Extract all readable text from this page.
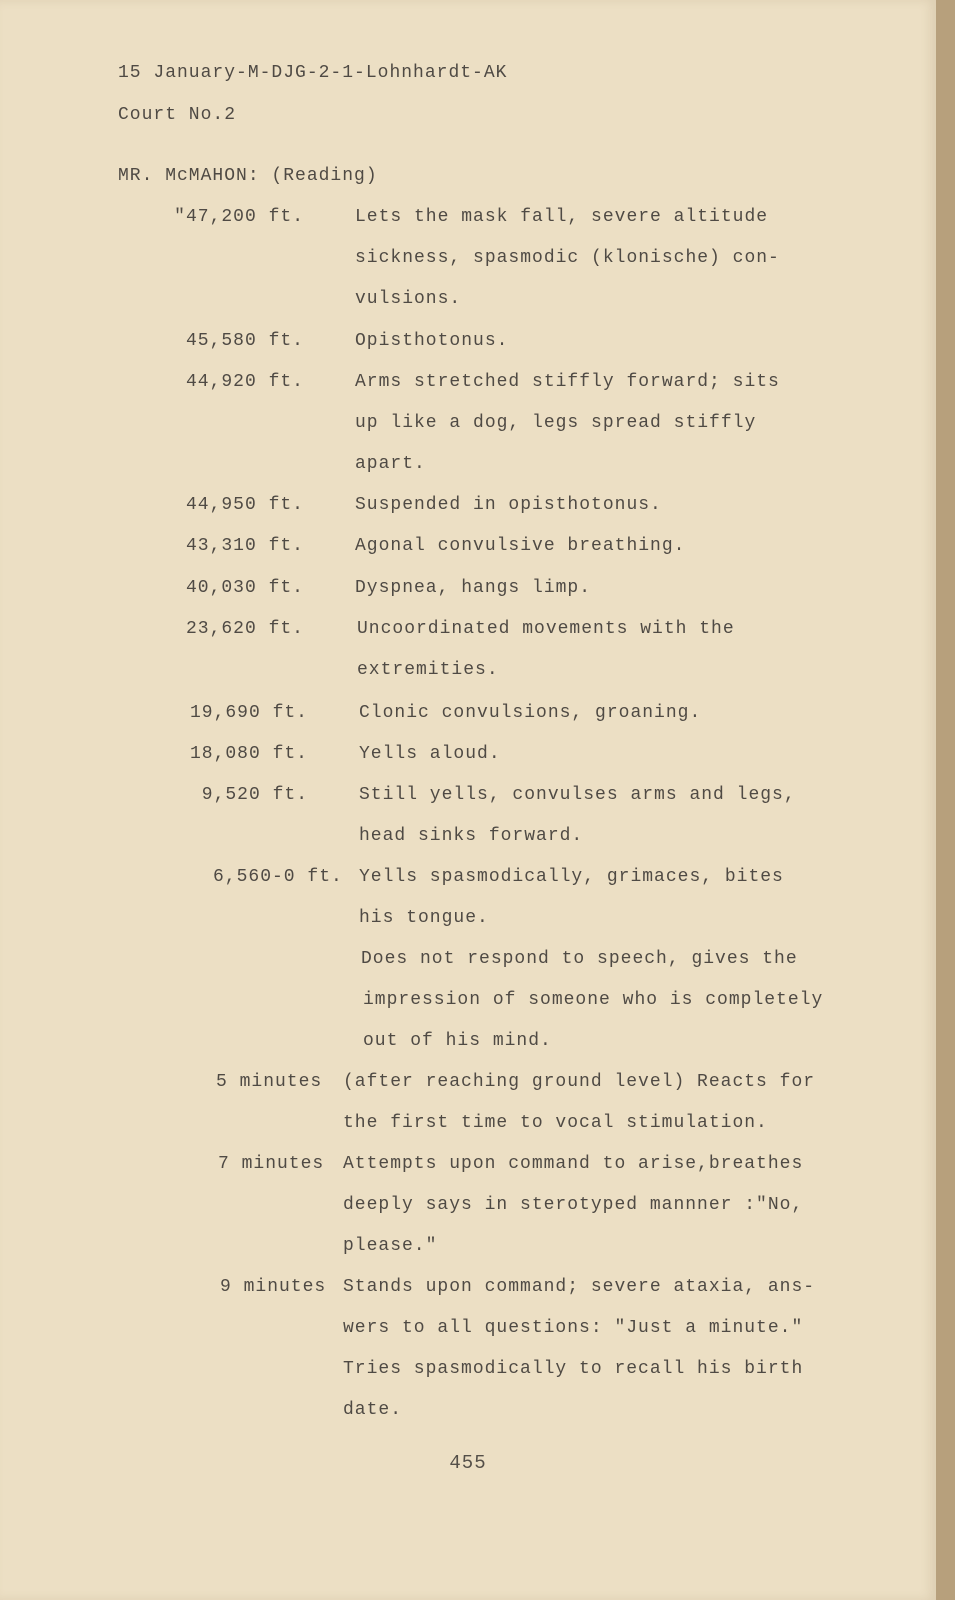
15 January-M-DJG-2-1-Lohnhardt-AK
Court No.2
MR. McMAHON: (Reading)
"47,200 ft.	Lets the mask fall, severe altitude
sickness, spasmodic (klonische) con-
vulsions.
45,580 ft.	Opisthotonus.
44,920 ft.	Arms stretched stiffly forward; sits
up like a dog, legs spread stiffly
apart.
44,950 ft.	Suspended in opisthotonus.
43,310 ft.	Agonal convulsive breathing.
40,030 ft.	Dyspnea, hangs limp.
23,620 ft.	Uncoordinated movements with the
extremities.
19,690 ft.	Clonic convulsions, groaning.
18,080 ft.	Yells aloud.
9,520 ft.	Still yells, convulses arms and legs,
head sinks forward.
6,560-0 ft. Yells spasmodically, grimaces, bites
his tongue.
Does not respond to speech, gives the
impression of someone who is completely
out of his mind.
5 minutes (after reaching ground level) Reacts for
the first time to vocal stimulation.
7 minutes Attempts upon command to arise,breathes
deeply says in sterotyped mannner :"No,
please."
9 minutes Stands upon command; severe ataxia, ans-
wers to all questions: "Just a minute."
Tries spasmodically to recall his birth
date.
455
